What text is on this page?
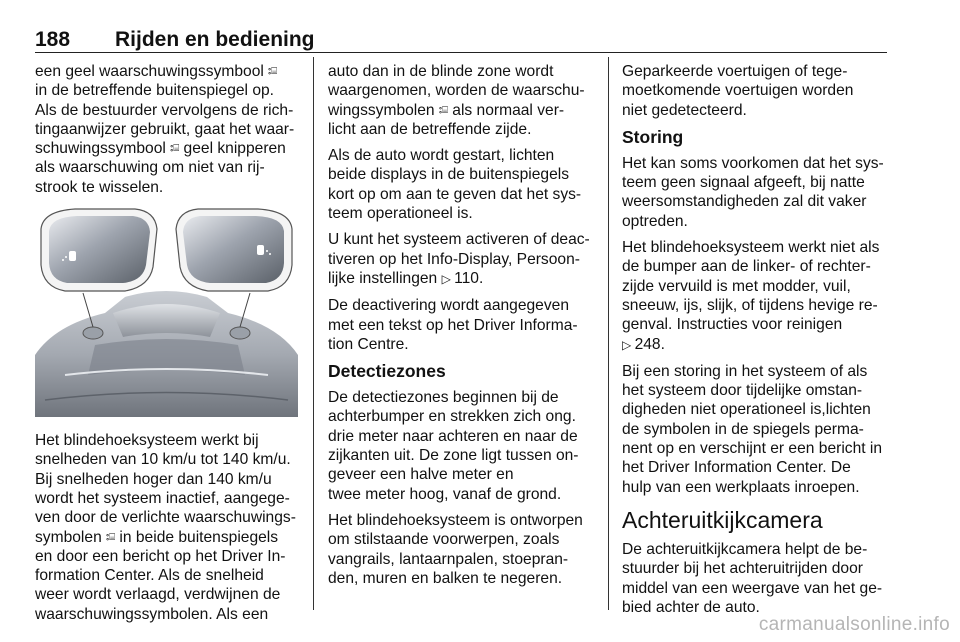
188 Rijden en bediening

een geel waarschuwingssymbool ⦂⌸
in de betreffende buitenspiegel op.
Als de bestuurder vervolgens de rich-
tingaanwijzer gebruikt, gaat het waar-
schuwingssymbool ⦂⌸ geel knipperen
als waarschuwing om niet van rij-
strook te wisselen.

Het blindehoeksysteem werkt bij
snelheden van 10 km/u tot 140 km/u.
Bij snelheden hoger dan 140 km/u
wordt het systeem inactief, aangege-
ven door de verlichte waarschuwings-
symbolen ⦂⌸ in beide buitenspiegels
en door een bericht op het Driver In-
formation Center. Als de snelheid
weer wordt verlaagd, verdwijnen de
waarschuwingssymbolen. Als een

auto dan in de blinde zone wordt
waargenomen, worden de waarschu-
wingssymbolen ⦂⌸ als normaal ver-
licht aan de betreffende zijde.

Als de auto wordt gestart, lichten
beide displays in de buitenspiegels
kort op om aan te geven dat het sys-
teem operationeel is.

U kunt het systeem activeren of deac-
tiveren op het Info-Display, Persoon-
lijke instellingen ▷ 110.

De deactivering wordt aangegeven
met een tekst op het Driver Informa-
tion Centre.

Detectiezones

De detectiezones beginnen bij de
achterbumper en strekken zich ong.
drie meter naar achteren en naar de
zijkanten uit. De zone ligt tussen on-
geveer een halve meter en
twee meter hoog, vanaf de grond.

Het blindehoeksysteem is ontworpen
om stilstaande voorwerpen, zoals
vangrails, lantaarnpalen, stoepran-
den, muren en balken te negeren.

Geparkeerde voertuigen of tege-
moetkomende voertuigen worden
niet gedetecteerd.

Storing

Het kan soms voorkomen dat het sys-
teem geen signaal afgeeft, bij natte
weersomstandigheden zal dit vaker
optreden.

Het blindehoeksysteem werkt niet als
de bumper aan de linker- of rechter-
zijde vervuild is met modder, vuil,
sneeuw, ijs, slijk, of tijdens hevige re-
genval. Instructies voor reinigen
▷ 248.

Bij een storing in het systeem of als
het systeem door tijdelijke omstan-
digheden niet operationeel is,lichten
de symbolen in de spiegels perma-
nent op en verschijnt er een bericht in
het Driver Information Center. De
hulp van een werkplaats inroepen.

Achteruitkijkcamera

De achteruitkijkcamera helpt de be-
stuurder bij het achteruitrijden door
middel van een weergave van het ge-
bied achter de auto.

carmanualsonline.info
